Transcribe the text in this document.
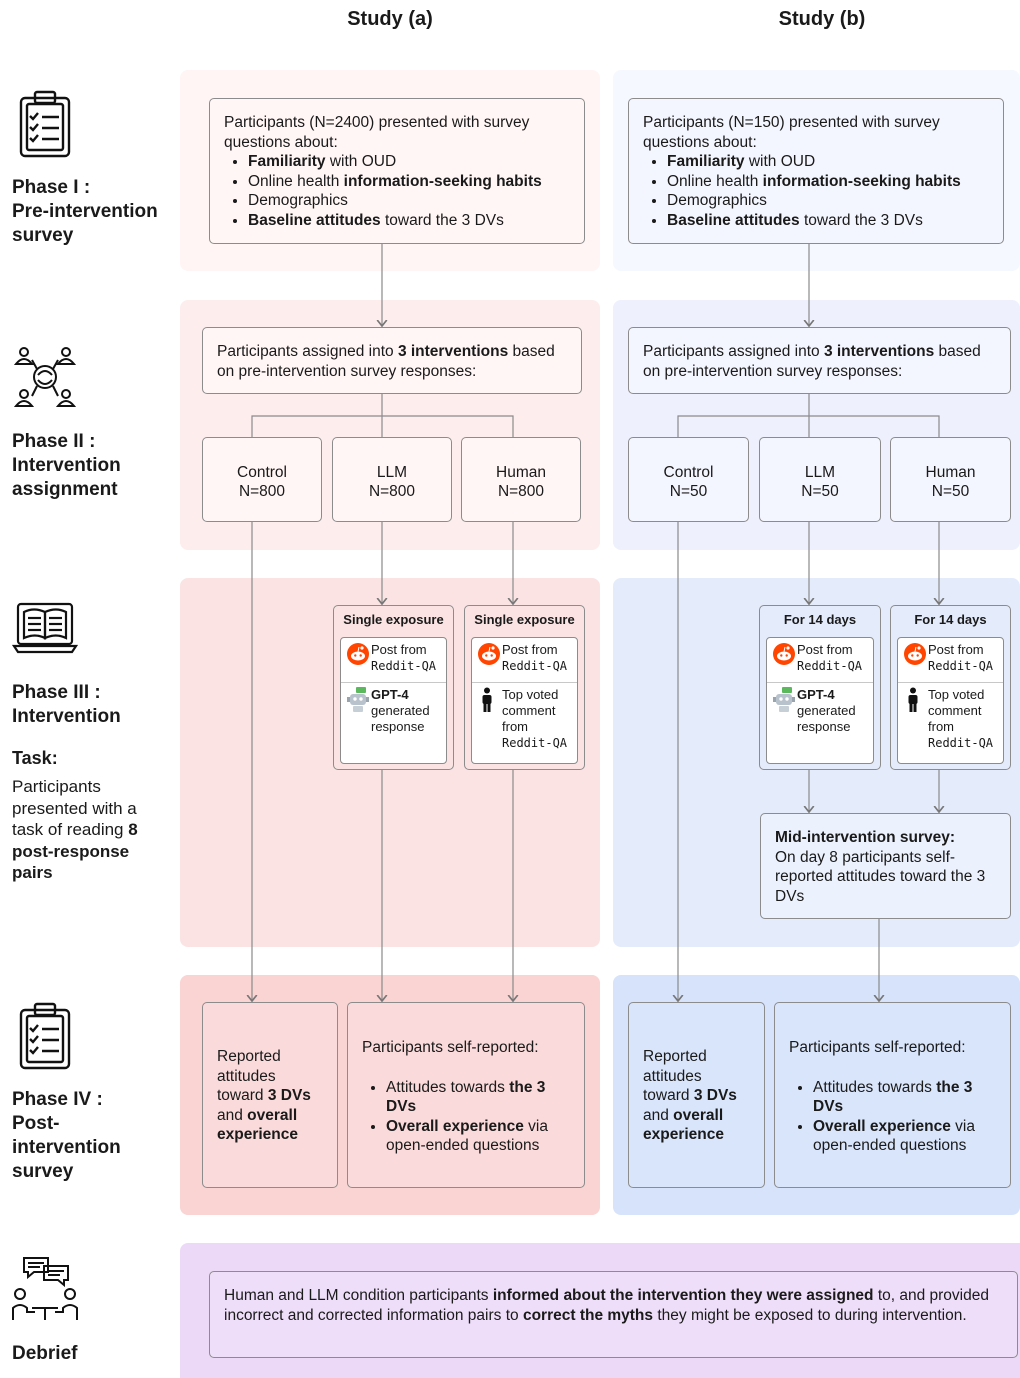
Study (a)	Study (b)
Phase I :
Pre-intervention
survey
Phase II :
Intervention
assignment
Phase III :
Intervention
Task:
Participants presented with a task of reading 8 post-response pairs
Phase IV :
Post-
intervention
survey
Debrief
Participants (N=2400) presented with survey questions about:
• Familiarity with OUD
• Online health information-seeking habits
• Demographics
• Baseline attitudes toward the 3 DVs
Participants (N=150) presented with survey questions about:
• Familiarity with OUD
• Online health information-seeking habits
• Demographics
• Baseline attitudes toward the 3 DVs
Participants assigned into 3 interventions based on pre-intervention survey responses:
Participants assigned into 3 interventions based on pre-intervention survey responses:
Control
N=800
LLM
N=800
Human
N=800
Control
N=50
LLM
N=50
Human
N=50
Single exposure
Post from
Reddit-QA
GPT-4
generated
response
Single exposure
Post from
Reddit-QA
Top voted
comment
from
Reddit-QA
For 14 days
Post from
Reddit-QA
GPT-4
generated
response
For 14 days
Post from
Reddit-QA
Top voted
comment
from
Reddit-QA
Mid-intervention survey:
On day 8 participants self-reported attitudes toward the 3 DVs
Reported attitudes toward 3 DVs and overall experience
Participants self-reported:
• Attitudes towards the 3 DVs
• Overall experience via open-ended questions
Reported attitudes toward 3 DVs and overall experience
Participants self-reported:
• Attitudes towards the 3 DVs
• Overall experience via open-ended questions
Human and LLM condition participants informed about the intervention they were assigned to, and provided incorrect and corrected information pairs to correct the myths they might be exposed to during intervention.
